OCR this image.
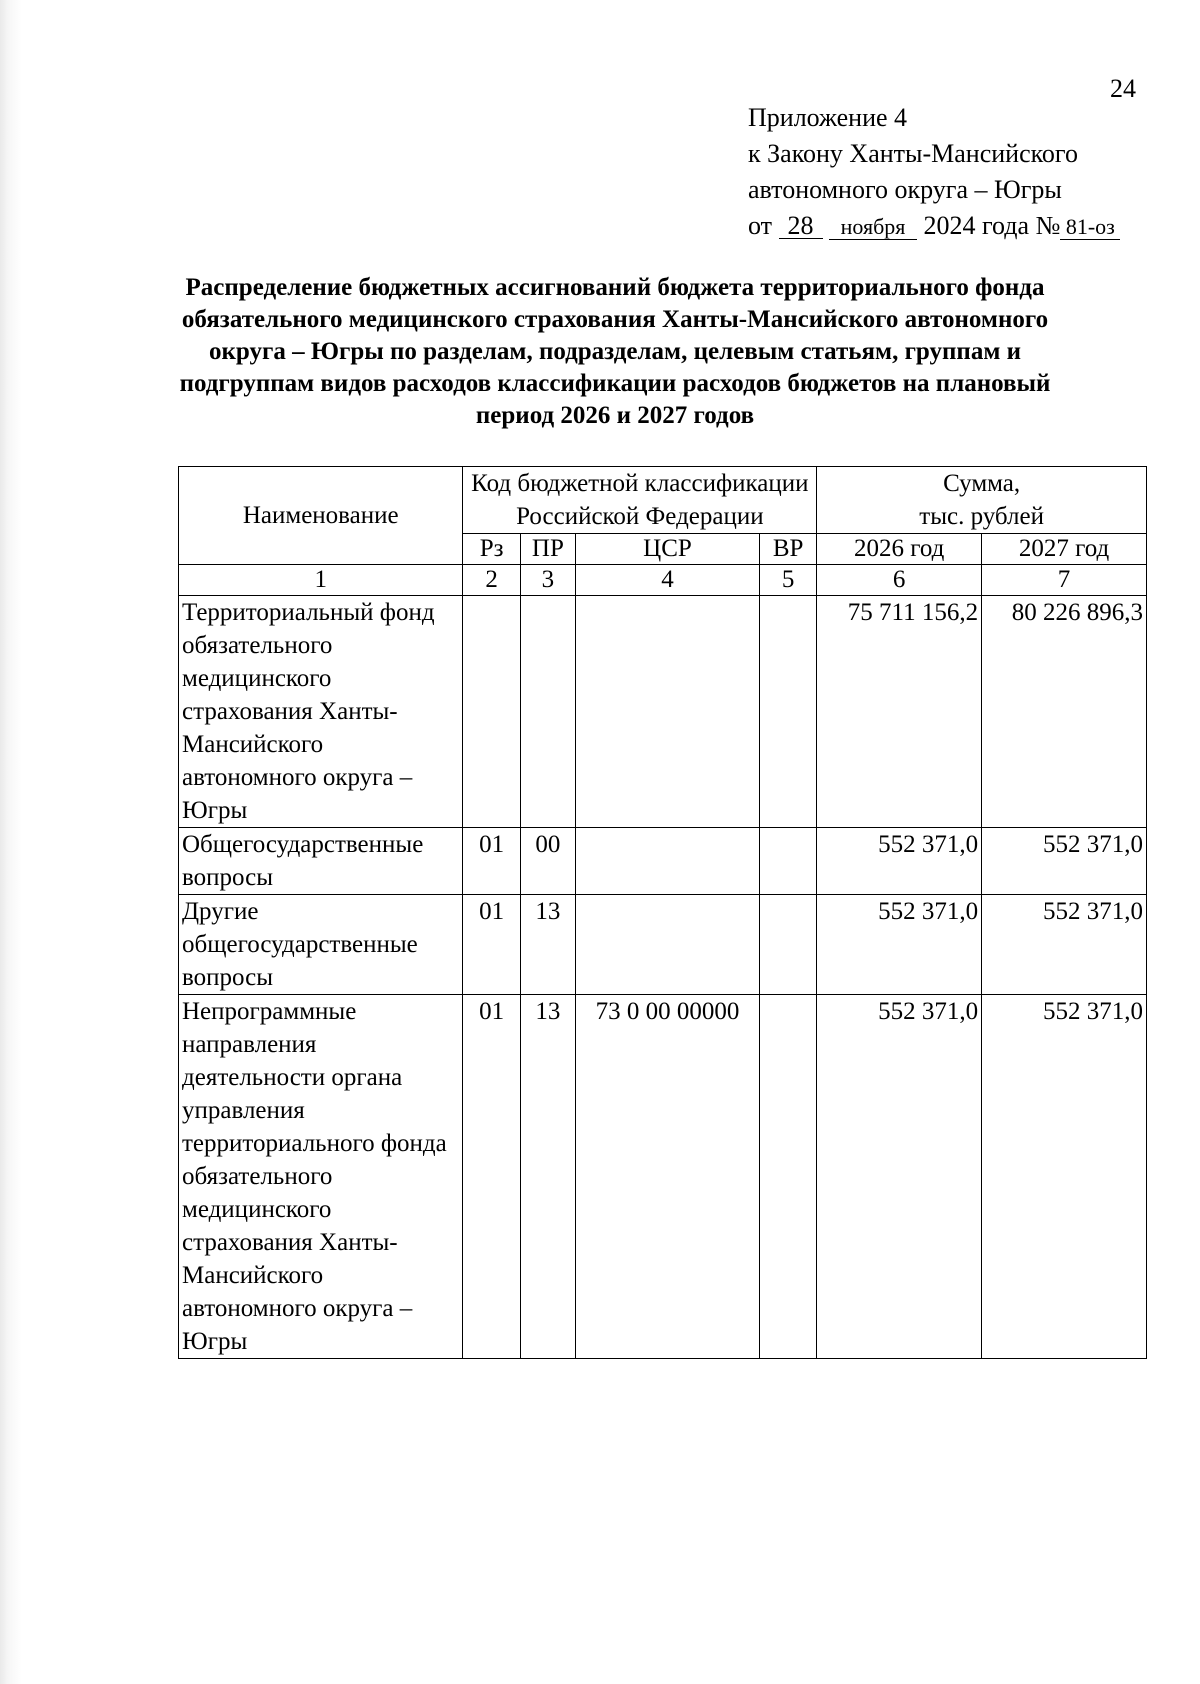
24
Приложение 4
к Закону Ханты-Мансийского
автономного округа – Югры
от 28 ноября 2024 года № 81-оз
Распределение бюджетных ассигнований бюджета территориального фонда обязательного медицинского страхования Ханты-Мансийского автономного округа – Югры по разделам, подразделам, целевым статьям, группам и подгруппам видов расходов классификации расходов бюджетов на плановый период 2026 и 2027 годов
Наименование	Код бюджетной классификации Российской Федерации				Сумма,
тыс. рублей	

	Рз	ПР	ЦСР	ВР	2026 год	2027 год
1	2	3	4	5	6	7
Территориальный фонд обязательного медицинского страхования Ханты-Мансийского автономного округа – Югры					75 711 156,2	80 226 896,3
Общегосударственные вопросы	01	00			552 371,0	552 371,0
Другие общегосударственные вопросы	01	13			552 371,0	552 371,0
Непрограммные направления деятельности органа управления территориального фонда обязательного медицинского страхования Ханты-Мансийского автономного округа – Югры	01	13	73 0 00 00000		552 371,0	552 371,0
